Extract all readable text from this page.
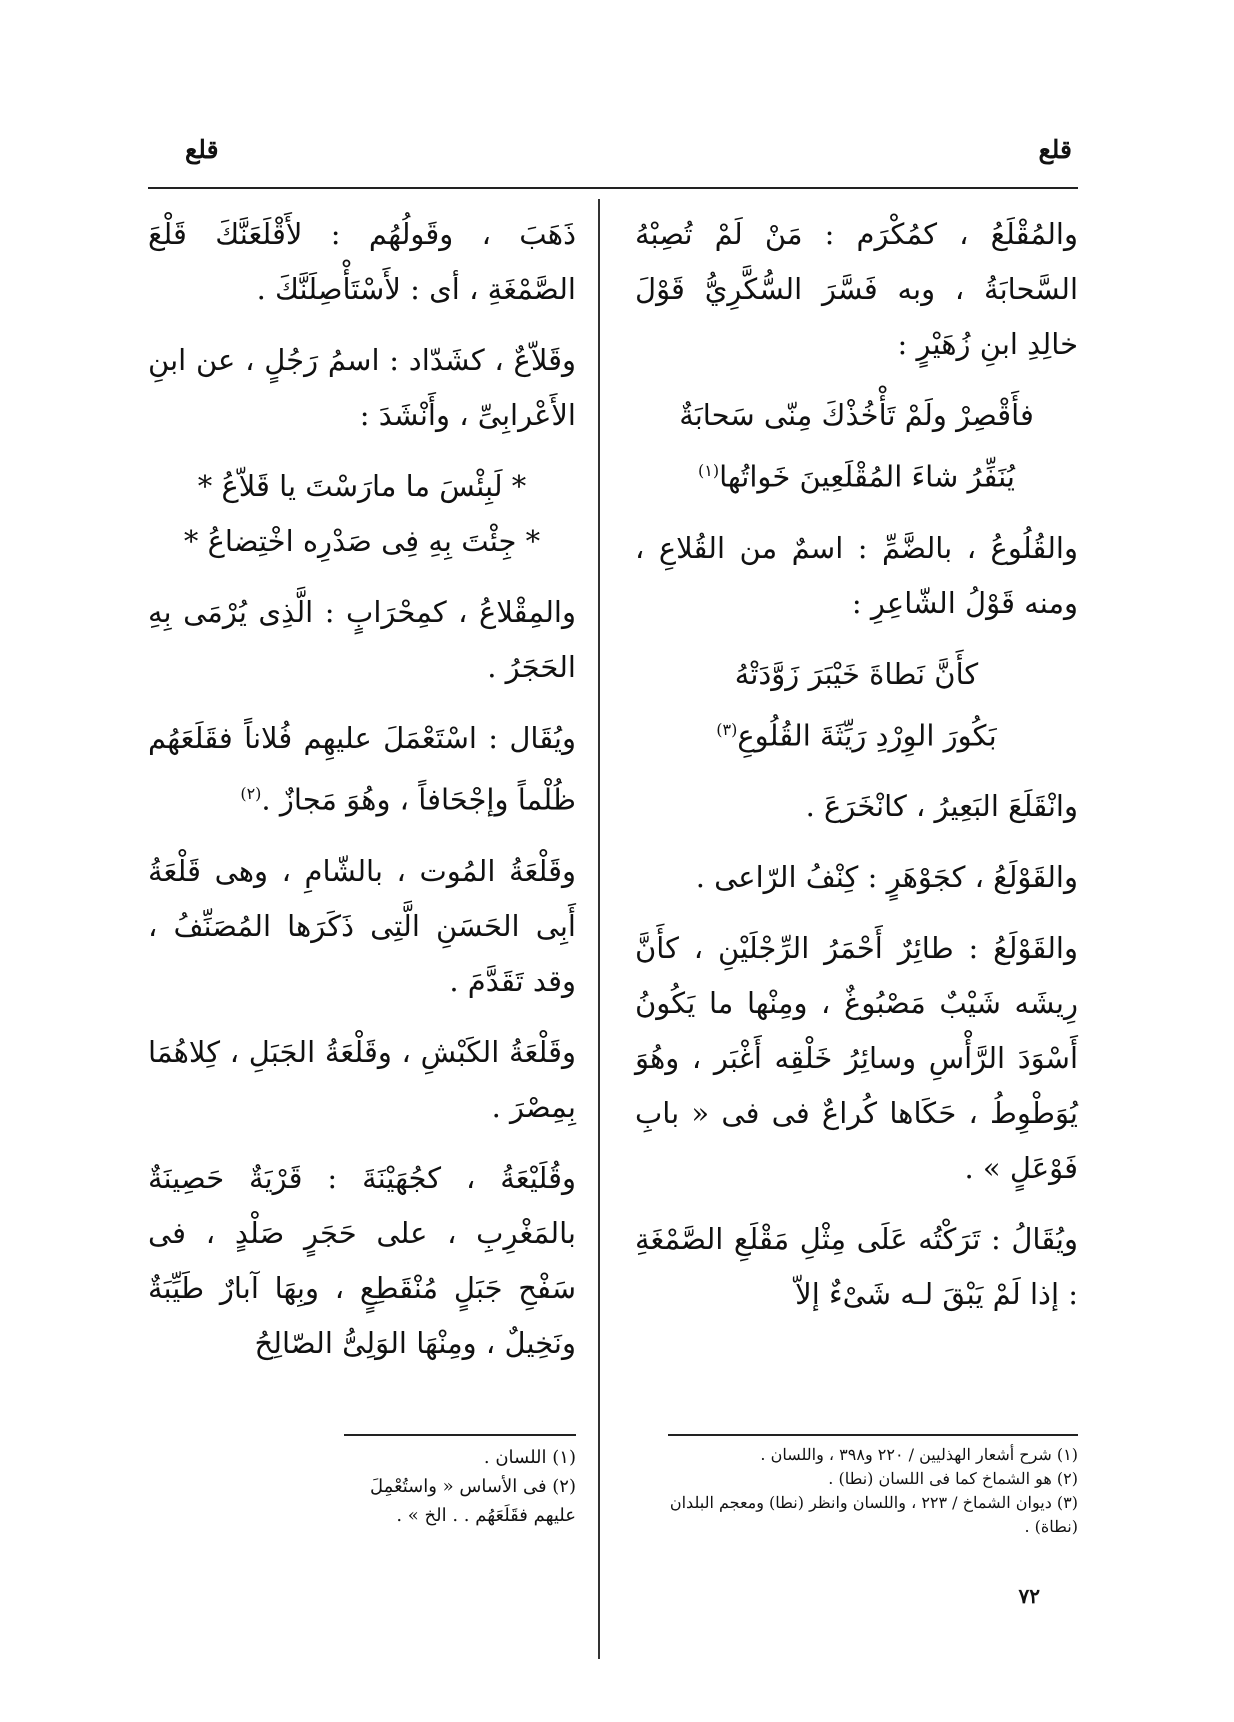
قلع
قلع

والمُقْلَعُ ، كمُكْرَم : مَنْ لَمْ تُصِبْهُ السَّحابَةُ ، وبه فَسَّرَ السُّكَّرِيُّ قَوْلَ خالِدِ ابنِ زُهَيْرٍ :

فأَقْصِرْ ولَمْ تَأْخُذْكَ مِنّى سَحابَةٌ

يُنَفِّرُ شاءَ المُقْلَعِينَ خَواتُها$^{(١)}$

والقُلُوعُ ، بالضَّمِّ : اسمٌ من القُلاعِ ، ومنه قَوْلُ الشّاعِرِ :

كأَنَّ نَطاةَ خَيْبَرَ زَوَّدَتْهُ

بَكُورَ الوِرْدِ رَيِّثَةَ القُلُوعِ$^{(٣)}$

وانْقَلَعَ البَعِيرُ ، كانْخَرَعَ .

والقَوْلَعُ ، كجَوْهَرٍ : كِنْفُ الرّاعى .

والقَوْلَعُ : طائِرٌ أَحْمَرُ الرِّجْلَيْنِ ، كأَنَّ رِيشَه شَيْبٌ مَصْبُوغٌ ، ومِنْها ما يَكُونُ أَسْوَدَ الرَّأْسِ وسائِرُ خَلْقِه أَغْبَر ، وهُوَ يُوَطْوِطُ ، حَكَاها كُراعٌ فى فى « بابِ فَوْعَلٍ » .

ويُقَالُ : تَرَكْتُه عَلَى مِثْلِ مَقْلَعِ الصَّمْغَةِ : إذا لَمْ يَبْقَ لـه شَىْءٌ إلاّ

ذَهَبَ ، وقَولُهُم : لأَقْلَعَنَّكَ قَلْعَ الصَّمْغَةِ ، أى : لأَسْتَأْصِلَنَّكَ .

وقَلاّعٌ ، كشَدّاد : اسمُ رَجُلٍ ، عن ابنِ الأَعْرابِىِّ ، وأَنْشَدَ :

* لَبِئْسَ ما مارَسْتَ يا قَلاّعُ *

* جِئْتَ بِهِ فِى صَدْرِه اخْتِضاعُ *

والمِقْلاعُ ، كمِحْرَابٍ : الَّذِى يُرْمَى بِهِ الحَجَرُ .

ويُقَال : اسْتَعْمَلَ عليهِم فُلاناً فقَلَعَهُم ظُلْماً وإجْحَافاً ، وهُوَ مَجازٌ .$^{(٢)}$

وقَلْعَةُ المُوت ، بالشّامِ ، وهى قَلْعَةُ أَبِى الحَسَنِ الَّتِى ذَكَرَها المُصَنِّفُ ، وقد تَقَدَّمَ .

وقَلْعَةُ الكَبْشِ ، وقَلْعَةُ الجَبَلِ ، كِلاهُمَا بِمِصْرَ .

وقُلَيْعَةُ ، كجُهَيْنَةَ : قَرْيَةٌ حَصِينَةٌ بالمَغْرِبِ ، على حَجَرٍ صَلْدٍ ، فى سَفْحِ جَبَلٍ مُنْقَطِعٍ ، وبِهَا آبارٌ طَيِّبَةٌ ونَخِيلٌ ، ومِنْهَا الوَلِىُّ الصّالِحُ

(١) شرح أشعار الهذليين / ٢٢٠ و٣٩٨ ، واللسان .
(٢) هو الشماخ كما فى اللسان (نطا) .
(٣) ديوان الشماخ / ٢٢٣ ، واللسان وانظر (نطا) ومعجم البلدان (نطاة) .
(١) اللسان .
(٢) فى الأساس « واستُعْمِلَ عليهم فقَلَعَهُم . . الخ » .
٧٢
